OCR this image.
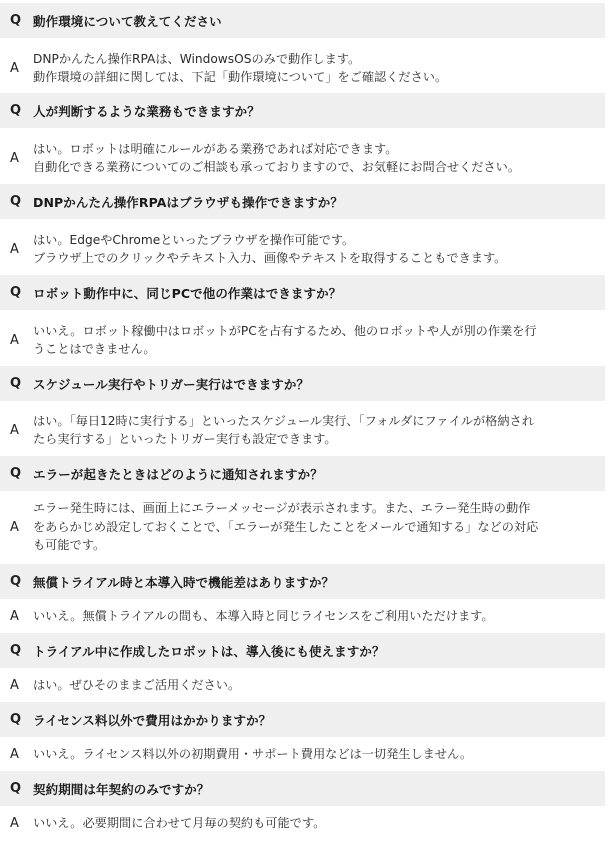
Q 動作環境について教えてください
A
DNPかんたん操作RPAは、WindowsOSのみで動作します。
動作環境の詳細に関しては、下記「動作環境について」をご確認ください。
Q 人が判断するような業務もできますか？
A
はい。ロボットは明確にルールがある業務であれば対応できます。
自動化できる業務についてのご相談も承っておりますので、お気軽にお問合せください。
Q DNPかんたん操作RPAはブラウザも操作できますか？
A
はい。EdgeやChromeといったブラウザを操作可能です。
ブラウザ上でのクリックやテキスト入力、画像やテキストを取得することもできます。
Q ロボット動作中に、同じPCで他の作業はできますか？
A
いいえ。ロボット稼働中はロボットがPCを占有するため、他のロボットや人が別の作業を行
うことはできません。
Q スケジュール実行やトリガー実行はできますか？
A
はい。「毎日12時に実行する」といったスケジュール実行、「フォルダにファイルが格納され
たら実行する」といったトリガー実行も設定できます。
Q エラーが起きたときはどのように通知されますか？
A
エラー発生時には、画面上にエラーメッセージが表示されます。また、エラー発生時の動作
をあらかじめ設定しておくことで、「エラーが発生したことをメールで通知する」などの対応
も可能です。
Q 無償トライアル時と本導入時で機能差はありますか？
A	いいえ。無償トライアルの間も、本導入時と同じライセンスをご利用いただけます。
Q トライアル中に作成したロボットは、導入後にも使えますか？
A	はい。ぜひそのままご活用ください。
Q ライセンス料以外で費用はかかりますか？
A	いいえ。ライセンス料以外の初期費用・サポート費用などは一切発生しません。
Q 契約期間は年契約のみですか？
A	いいえ。必要期間に合わせて月毎の契約も可能です。
